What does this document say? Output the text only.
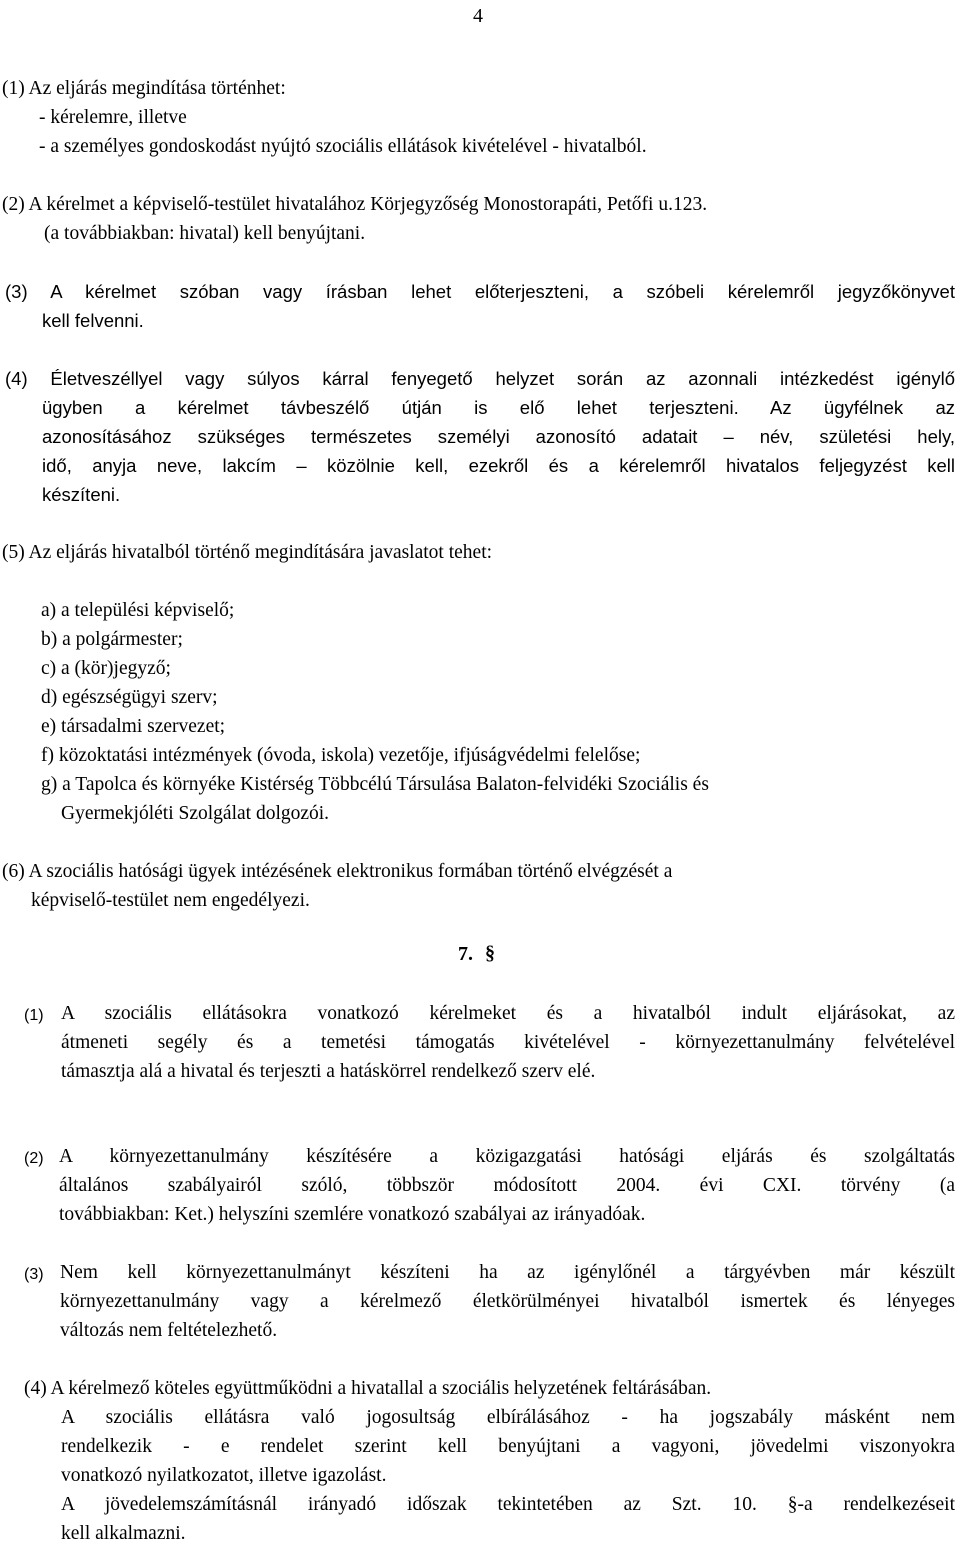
4
(1) Az eljárás megindítása történhet:
- kérelemre, illetve
- a személyes gondoskodást nyújtó szociális ellátások kivételével - hivatalból.
(2) A kérelmet a képviselő-testület hivatalához Körjegyzőség Monostorapáti, Petőfi u.123.
(a továbbiakban: hivatal) kell benyújtani.
(3) A kérelmet szóban vagy írásban lehet előterjeszteni, a szóbeli kérelemről jegyzőkönyvet
kell felvenni.
(4) Életveszéllyel vagy súlyos kárral fenyegető helyzet során az azonnali intézkedést igénylő
ügyben a kérelmet távbeszélő útján is elő lehet terjeszteni. Az ügyfélnek az
azonosításához szükséges természetes személyi azonosító adatait – név, születési hely,
idő, anyja neve, lakcím – közölnie kell, ezekről és a kérelemről hivatalos feljegyzést kell
készíteni.
(5) Az eljárás hivatalból történő megindítására javaslatot tehet:
a) a települési képviselő;
b) a polgármester;
c) a (kör)jegyző;
d) egészségügyi szerv;
e) társadalmi szervezet;
f) közoktatási intézmények (óvoda, iskola) vezetője, ifjúságvédelmi felelőse;
g) a Tapolca és környéke Kistérség Többcélú Társulása Balaton-felvidéki Szociális és
Gyermekjóléti Szolgálat dolgozói.
(6) A szociális hatósági ügyek intézésének elektronikus formában történő elvégzését a
képviselő-testület nem engedélyezi.
7. §
(1) A szociális ellátásokra vonatkozó kérelmeket és a hivatalból indult eljárásokat, az
átmeneti segély és a temetési támogatás kivételével - környezettanulmány felvételével
támasztja alá a hivatal és terjeszti a hatáskörrel rendelkező szerv elé.
(2) A környezettanulmány készítésére a közigazgatási hatósági eljárás és szolgáltatás
általános szabályairól szóló, többször módosított 2004. évi CXI. törvény (a
továbbiakban: Ket.) helyszíni szemlére vonatkozó szabályai az irányadóak.
(3) Nem kell környezettanulmányt készíteni ha az igénylőnél a tárgyévben már készült
környezettanulmány vagy a kérelmező életkörülményei hivatalból ismertek és lényeges
változás nem feltételezhető.
(4) A kérelmező köteles együttműködni a hivatallal a szociális helyzetének feltárásában.
A szociális ellátásra való jogosultság elbírálásához - ha jogszabály másként nem
rendelkezik - e rendelet szerint kell benyújtani a vagyoni, jövedelmi viszonyokra
vonatkozó nyilatkozatot, illetve igazolást.
A jövedelemszámításnál irányadó időszak tekintetében az Szt. 10. §-a rendelkezéseit
kell alkalmazni.
